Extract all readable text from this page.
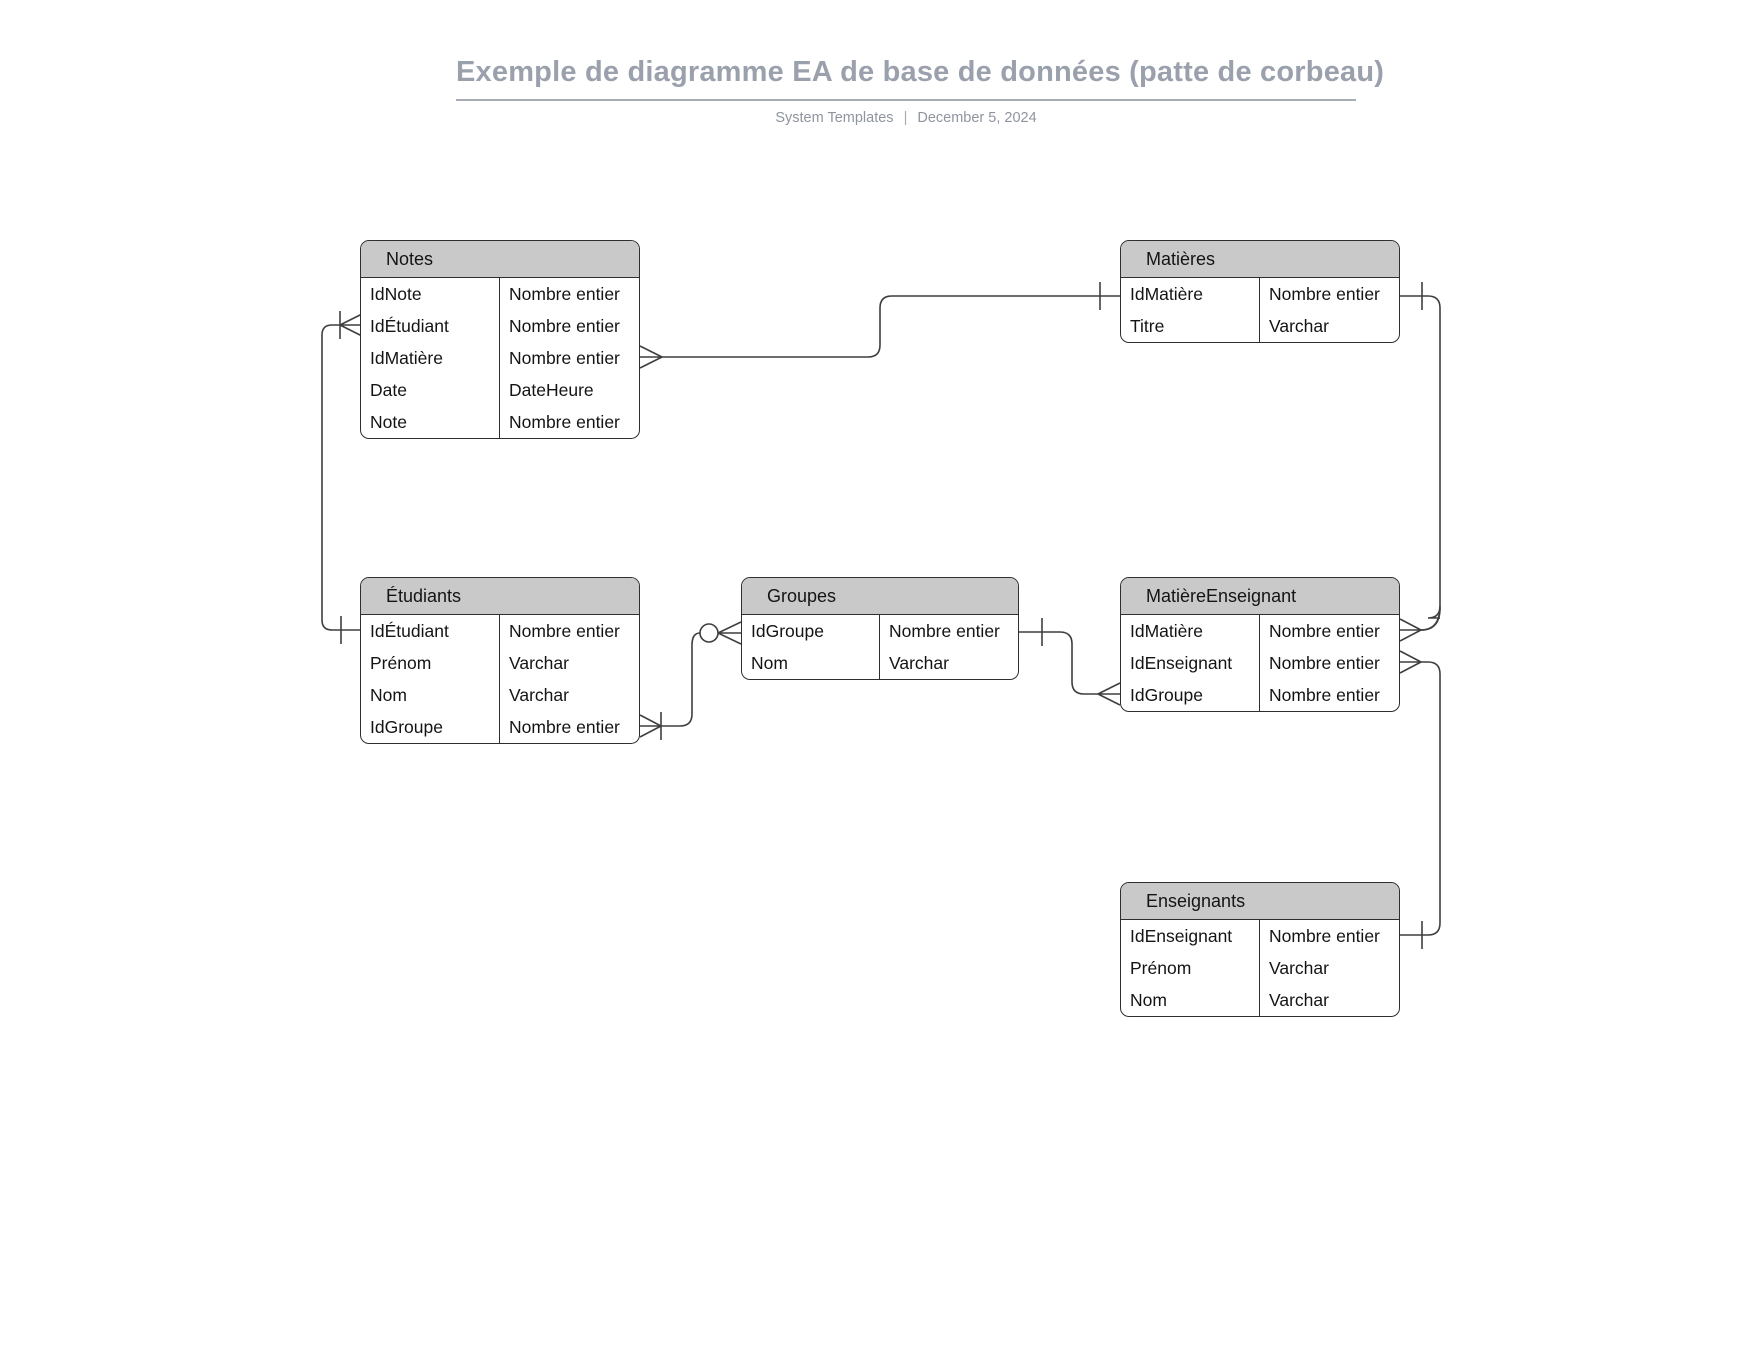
Exemple de diagramme EA de base de données (patte de corbeau)
System Templates | December 5, 2024
Notes
IdNote	Nombre entier
IdÉtudiant	Nombre entier
IdMatière	Nombre entier
Date	DateHeure
Note	Nombre entier
Matières
IdMatière	Nombre entier
Titre	Varchar
Étudiants
IdÉtudiant	Nombre entier
Prénom	Varchar
Nom	Varchar
IdGroupe	Nombre entier
Groupes
IdGroupe	Nombre entier
Nom	Varchar
MatièreEnseignant
IdMatière	Nombre entier
IdEnseignant	Nombre entier
IdGroupe	Nombre entier
Enseignants
IdEnseignant	Nombre entier
Prénom	Varchar
Nom	Varchar
